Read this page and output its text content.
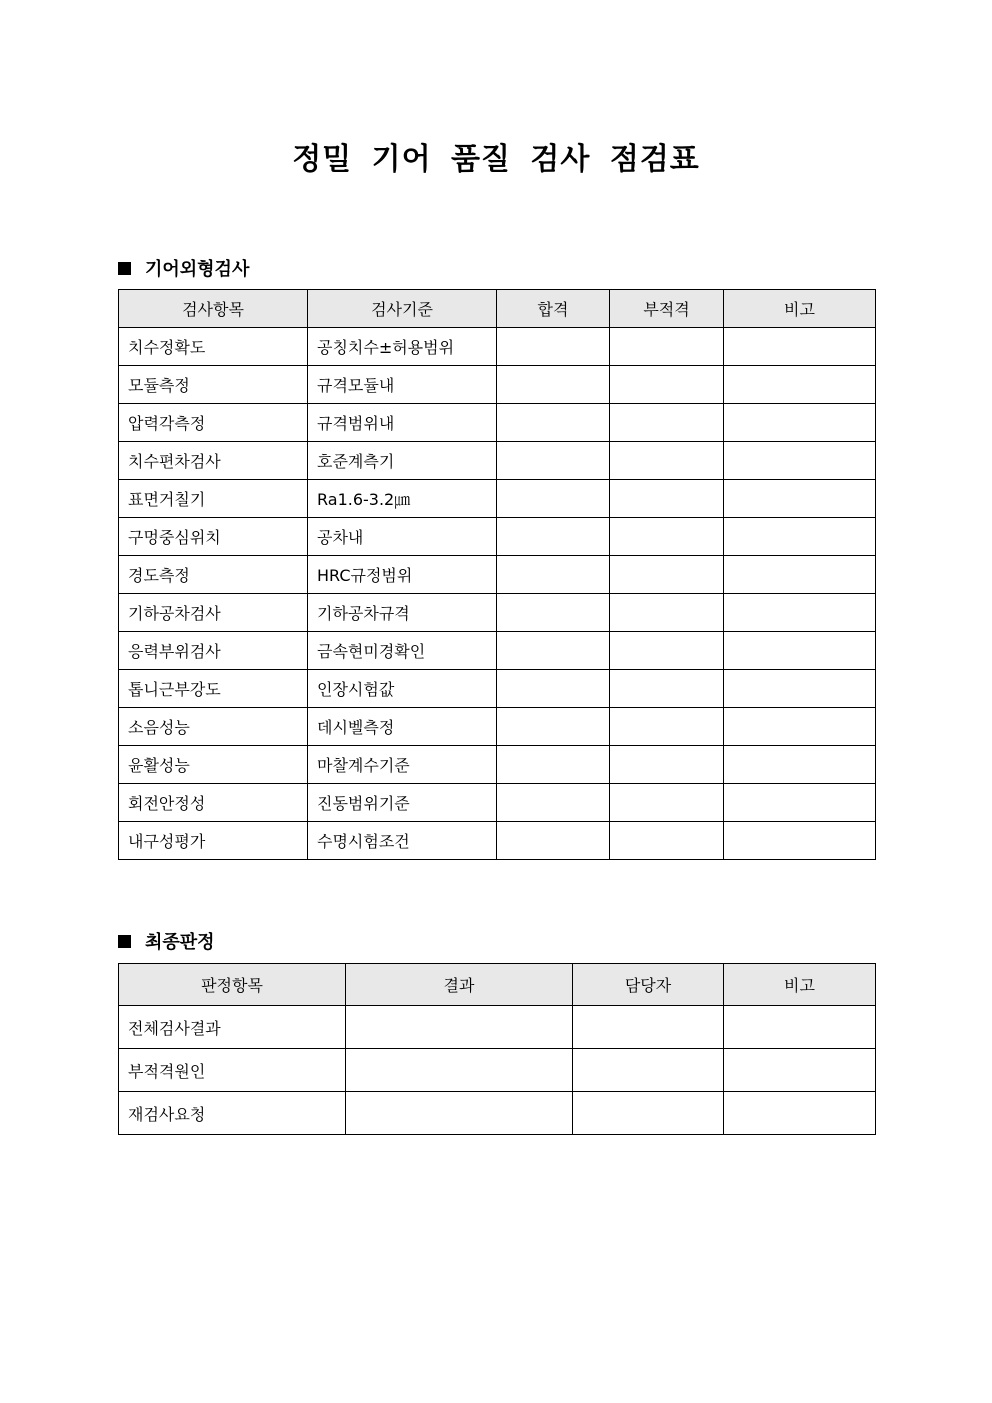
정밀 기어 품질 검사 점검표
기어외형검사
검사항목	검사기준	합격	부적격	비고
치수정확도	공칭치수±허용범위			
모듈측정	규격모듈내			
압력각측정	규격범위내			
치수편차검사	호준계측기			
표면거칠기	Ra1.6-3.2㎛			
구멍중심위치	공차내			
경도측정	HRC규정범위			
기하공차검사	기하공차규격			
응력부위검사	금속현미경확인			
톱니근부강도	인장시험값			
소음성능	데시벨측정			
윤활성능	마찰계수기준			
회전안정성	진동범위기준			
내구성평가	수명시험조건			
최종판정
판정항목	결과	담당자	비고
전체검사결과			
부적격원인			
재검사요청			
